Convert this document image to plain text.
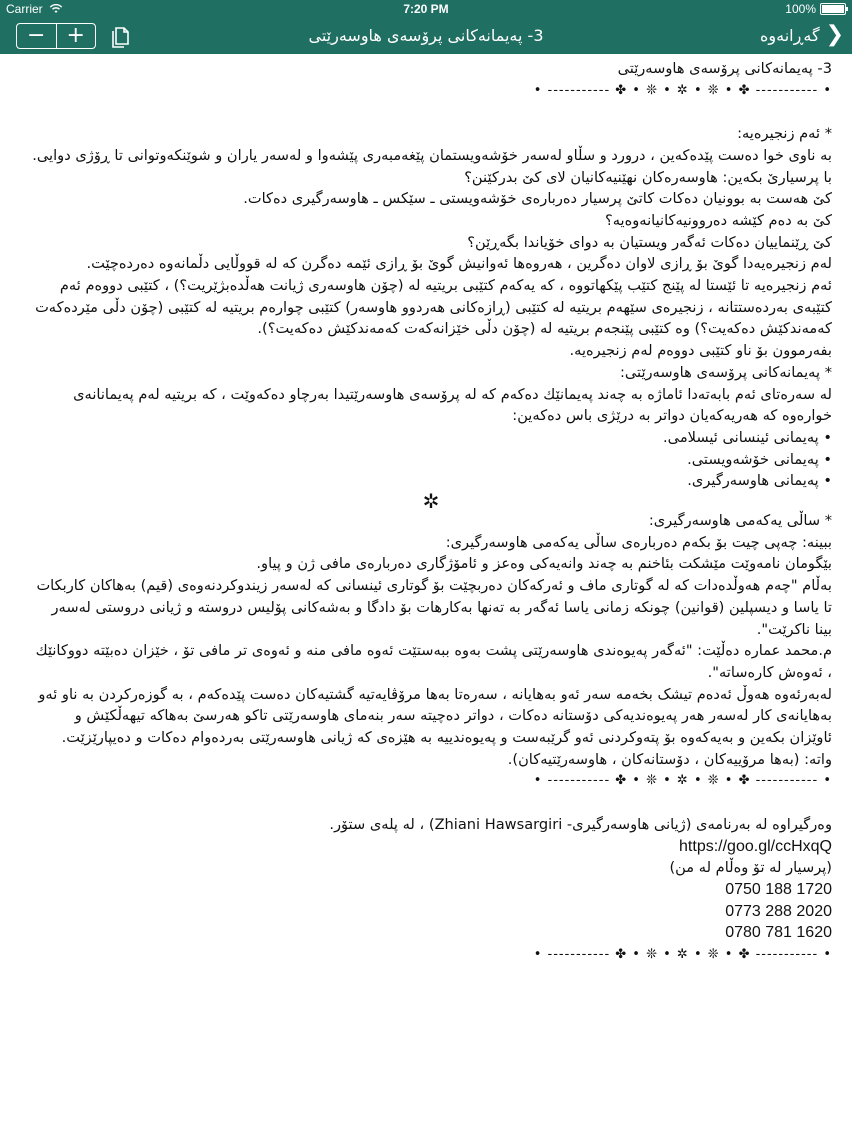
Carrier	7:20 PM	100%
− +	3- پەیمانەکانی پرۆسەی هاوسەرێتی	❮
گەڕانەوە

3- پەیمانەکانی پرۆسەی هاوسەرێتی

• ----------- ✤ • ❊ • ✲ • ❊ • ✤ ----------- •

* ئەم زنجیرەیە:

بە ناوی خوا دەست پێدەکەین ، درورد و سڵاو لەسەر خۆشەویستمان پێغەمبەری پێشەوا و لەسەر یاران و شوێنکەوتوانی تا ڕۆژی دوایی.

با پرسیارێ بکەین: هاوسەرەکان نهێنیەکانیان لای کێ بدرکێنن؟

کێ هەست بە بوونیان دەکات کاتێ پرسیار دەربارەی خۆشەویستی ـ سێکس ـ هاوسەرگیری دەکات.

کێ بە دەم کێشە دەروونیەکانیانەوەیە؟

کێ ڕێنماییان دەکات ئەگەر ویستیان بە دوای خۆیاندا بگەڕێن؟

لەم زنجیرەیەدا گوێ بۆ ڕازی لاوان دەگرین ، هەروەها ئەوانیش گوێ بۆ ڕازی ئێمە دەگرن کە لە قووڵایی دڵمانەوە دەردەچێت.

ئەم زنجیرەیە تا ئێستا لە پێنج کتێب پێکهاتووە ، کە یەکەم کتێبی بریتیە لە (چۆن هاوسەری ژیانت هەڵدەبژێریت؟) ، کتێبی دووەم ئەم کتێبەی بەردەستتانە ، زنجیرەی سێهەم بریتیە لە کتێبی (ڕازەکانی هەردوو هاوسەر) کتێبی چوارەم بریتیە لە کتێبی (چۆن دڵی مێردەکەت کەمەندکێش دەکەیت؟) وە کتێبی پێنجەم بریتیە لە (چۆن دڵی خێزانەکەت کەمەندکێش دەکەیت؟).

بفەرموون بۆ ناو کتێبی دووەم لەم زنجیرەیە.

* پەیمانەکانی پرۆسەی هاوسەرێتی:

لە سەرەتای ئەم بابەتەدا ئاماژە بە چەند پەیمانێك دەکەم کە لە پرۆسەی هاوسەرێتیدا بەرچاو دەکەوێت ، کە بریتیە لەم پەیمانانەی خوارەوە کە هەریەکەیان دواتر بە درێژی باس دەکەین:

• پەیمانی ئینسانی ئیسلامی.

• پەیمانی خۆشەویستی.

• پەیمانی هاوسەرگیری.

✲

* ساڵی یەکەمی هاوسەرگیری:

ببینە: چەپی چیت بۆ بکەم دەربارەی ساڵی یەکەمی هاوسەرگیری:

بێگومان نامەوێت مێشکت بئاخنم بە چەند وانەیەکی وەعز و ئامۆژگاری دەربارەی مافی ژن و پیاو.

بەڵام "چەم هەوڵدەدات کە لە گوتاری ماف و ئەرکەکان دەربچێت بۆ گوتاری ئینسانی کە لەسەر زیندوکردنەوەی (قیم) بەهاکان کاربکات تا یاسا و دیسپلین (قوانین) چونکە زمانی یاسا ئەگەر بە تەنها بەکارهات بۆ دادگا و بەشەکانی پۆلیس دروستە و ژیانی دروستی لەسەر بینا ناکرێت".

م.محمد عمارە دەڵێت: "ئەگەر پەیوەندی هاوسەرێتی پشت بەوە ببەستێت ئەوە مافی منە و ئەوەی تر مافی تۆ ، خێزان دەبێتە دووکانێك ، ئەوەش کارەساتە".

لەبەرئەوە هەوڵ ئەدەم تیشک بخەمە سەر ئەو بەهایانە ، سەرەتا بەها مرۆڤایەتیە گشتیەکان دەست پێدەکەم ، بە گوزەرکردن بە ناو ئەو بەهایانەی کار لەسەر هەر پەیوەندیەکی دۆستانە دەکات ، دواتر دەچیتە سەر بنەمای هاوسەرێتی تاکو هەرسێ بەهاکە تیهەڵکێش و ئاوێزان بکەین و بەیەکەوە بۆ پتەوکردنی ئەو گرێبەست و پەیوەندییە بە هێزەی کە ژیانی هاوسەرێتی بەردەوام دەکات و دەیپارێزێت.

واتە: (بەها مرۆییەکان ، دۆستانەکان ، هاوسەرێتیەکان).

• ----------- ✤ • ❊ • ✲ • ❊ • ✤ ----------- •

وەرگیراوە لە بەرنامەی (ژیانی هاوسەرگیری- Zhiani Hawsargiri) ، لە پلەی ستۆر.

https://goo.gl/ccHxqQ

(پرسیار لە تۆ وەڵام لە من)

0750 188 1720

0773 288 2020

0780 781 1620

• ----------- ✤ • ❊ • ✲ • ❊ • ✤ ----------- •
